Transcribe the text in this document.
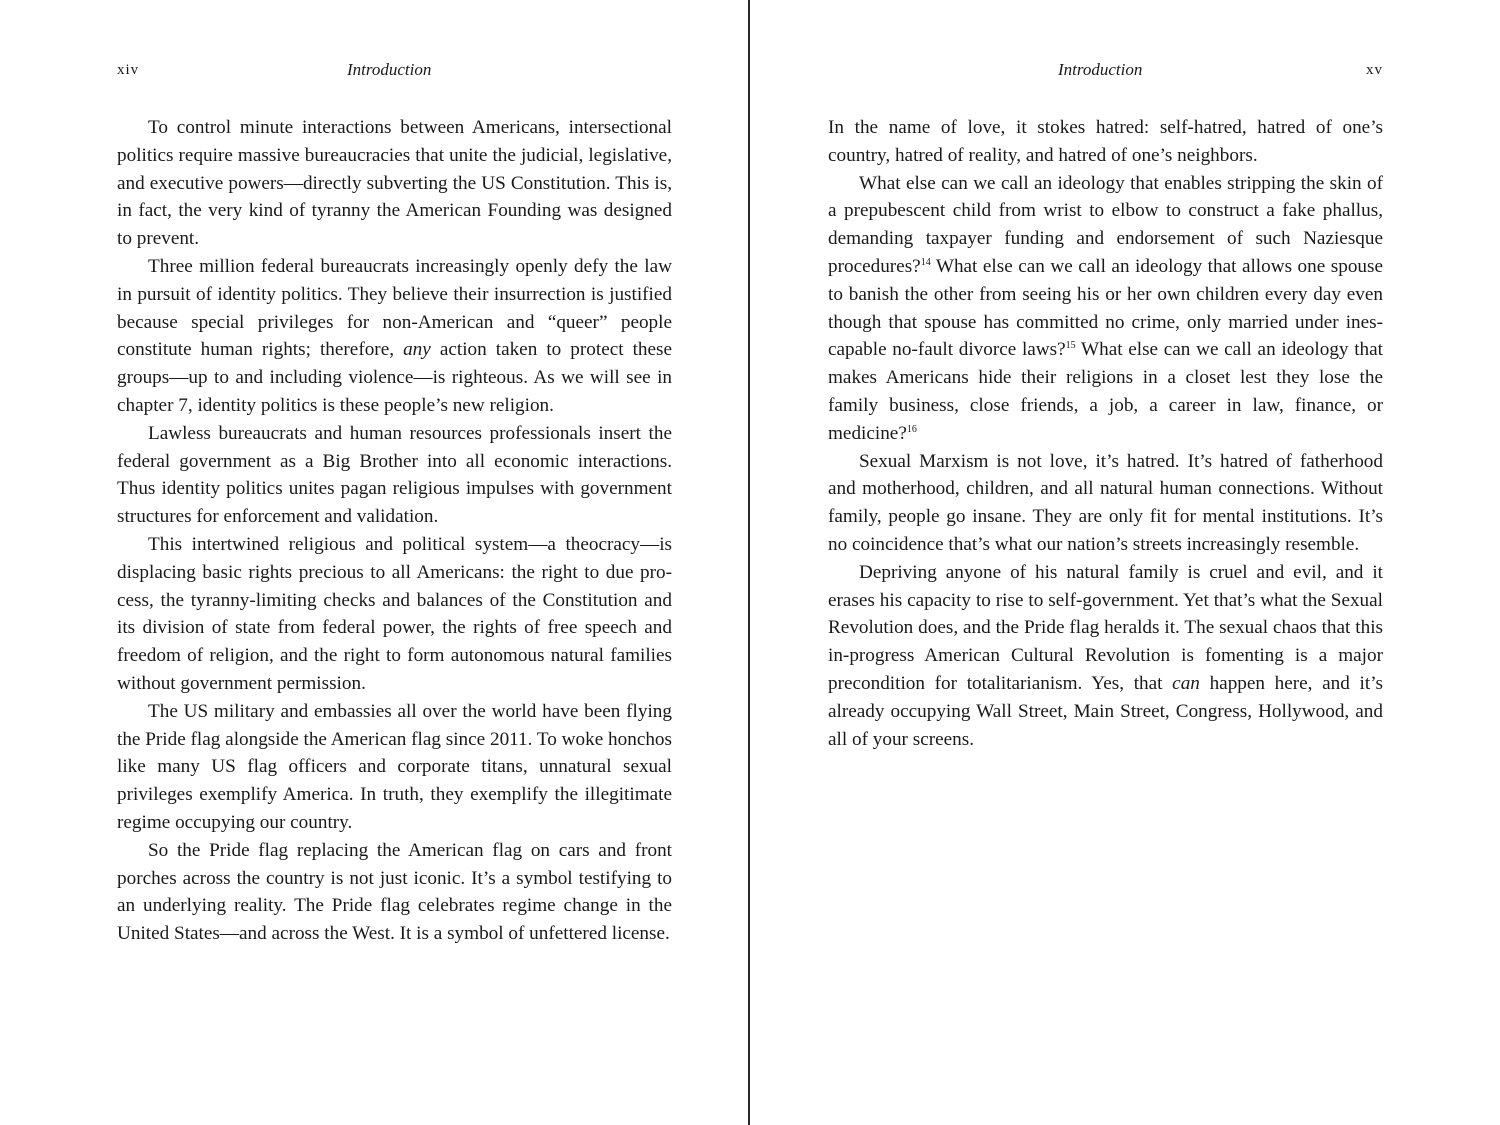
xiv	Introduction

To control minute interactions between Americans, intersectional politics require massive bureaucracies that unite the judicial, legislative, and executive powers—directly subverting the US Constitution. This is, in fact, the very kind of tyranny the American Founding was designed to prevent.

Three million federal bureaucrats increasingly openly defy the law in pursuit of identity politics. They believe their insurrection is justified because special privileges for non-American and “queer” people constitute human rights; therefore, any action taken to protect these groups—up to and including violence—is righteous. As we will see in chapter 7, identity politics is these people’s new religion.

Lawless bureaucrats and human resources professionals insert the federal government as a Big Brother into all economic interactions. Thus identity politics unites pagan religious impulses with government structures for enforcement and validation.

This intertwined religious and political system—a theocracy—is displacing basic rights precious to all Americans: the right to due process, the tyranny-limiting checks and balances of the Constitution and its division of state from federal power, the rights of free speech and freedom of religion, and the right to form autonomous natural families without government permission.

The US military and embassies all over the world have been flying the Pride flag alongside the American flag since 2011. To woke honchos like many US flag officers and corporate titans, unnatural sexual privileges exemplify America. In truth, they exemplify the illegitimate regime occupying our country.

So the Pride flag replacing the American flag on cars and front porches across the country is not just iconic. It’s a symbol testifying to an underlying reality. The Pride flag celebrates regime change in the United States—and across the West. It is a symbol of unfettered license.

Introduction	xv

In the name of love, it stokes hatred: self-hatred, hatred of one’s country, hatred of reality, and hatred of one’s neighbors.

What else can we call an ideology that enables stripping the skin of a prepubescent child from wrist to elbow to construct a fake phallus, demanding taxpayer funding and endorsement of such Naziesque procedures?$^{14}$ What else can we call an ideology that allows one spouse to banish the other from seeing his or her own children every day even though that spouse has committed no crime, only married under inescapable no-fault divorce laws?$^{15}$ What else can we call an ideology that makes Americans hide their religions in a closet lest they lose the family business, close friends, a job, a career in law, finance, or medicine?$^{16}$

Sexual Marxism is not love, it’s hatred. It’s hatred of fatherhood and motherhood, children, and all natural human connections. Without family, people go insane. They are only fit for mental institutions. It’s no coincidence that’s what our nation’s streets increasingly resemble.

Depriving anyone of his natural family is cruel and evil, and it erases his capacity to rise to self-government. Yet that’s what the Sexual Revolution does, and the Pride flag heralds it. The sexual chaos that this in-progress American Cultural Revolution is fomenting is a major precondition for totalitarianism. Yes, that can happen here, and it’s already occupying Wall Street, Main Street, Congress, Hollywood, and all of your screens.
